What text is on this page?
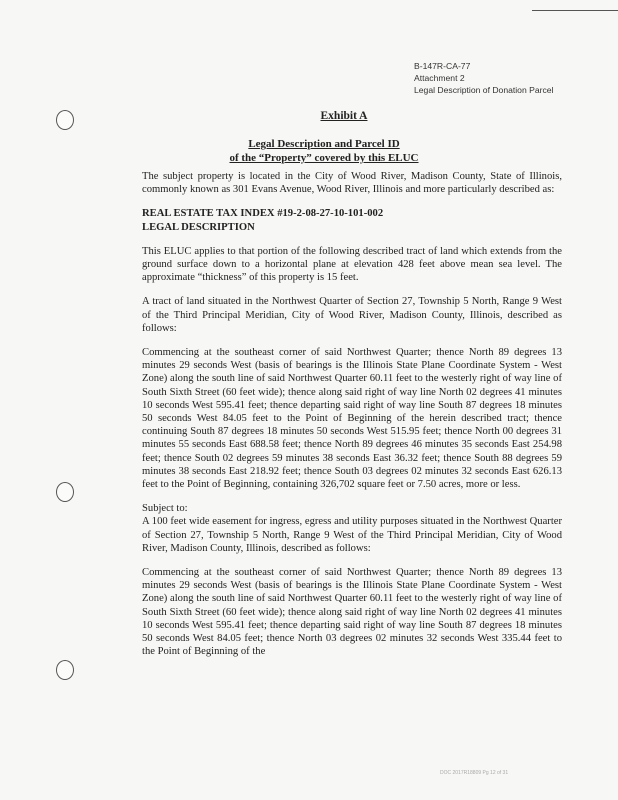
B-147R-CA-77
Attachment 2
Legal Description of Donation Parcel
Exhibit A
Legal Description and Parcel ID
of the “Property” covered by this ELUC

The subject property is located in the City of Wood River, Madison County, State of Illinois, commonly known as 301 Evans Avenue, Wood River, Illinois and more particularly described as:

REAL ESTATE TAX INDEX #19-2-08-27-10-101-002
LEGAL DESCRIPTION

This ELUC applies to that portion of the following described tract of land which extends from the ground surface down to a horizontal plane at elevation 428 feet above mean sea level. The approximate “thickness” of this property is 15 feet.

A tract of land situated in the Northwest Quarter of Section 27, Township 5 North, Range 9 West of the Third Principal Meridian, City of Wood River, Madison County, Illinois, described as follows:

Commencing at the southeast corner of said Northwest Quarter; thence North 89 degrees 13 minutes 29 seconds West (basis of bearings is the Illinois State Plane Coordinate System - West Zone) along the south line of said Northwest Quarter 60.11 feet to the westerly right of way line of South Sixth Street (60 feet wide); thence along said right of way line North 02 degrees 41 minutes 10 seconds West 595.41 feet; thence departing said right of way line South 87 degrees 18 minutes 50 seconds West 84.05 feet to the Point of Beginning of the herein described tract; thence continuing South 87 degrees 18 minutes 50 seconds West 515.95 feet; thence North 00 degrees 31 minutes 55 seconds East 688.58 feet; thence North 89 degrees 46 minutes 35 seconds East 254.98 feet; thence South 02 degrees 59 minutes 38 seconds East 36.32 feet; thence South 88 degrees 59 minutes 38 seconds East 218.92 feet; thence South 03 degrees 02 minutes 32 seconds East 626.13 feet to the Point of Beginning, containing 326,702 square feet or 7.50 acres, more or less.

Subject to:

A 100 feet wide easement for ingress, egress and utility purposes situated in the Northwest Quarter of Section 27, Township 5 North, Range 9 West of the Third Principal Meridian, City of Wood River, Madison County, Illinois, described as follows:

Commencing at the southeast corner of said Northwest Quarter; thence North 89 degrees 13 minutes 29 seconds West (basis of bearings is the Illinois State Plane Coordinate System - West Zone) along the south line of said Northwest Quarter 60.11 feet to the westerly right of way line of South Sixth Street (60 feet wide); thence along said right of way line North 02 degrees 41 minutes 10 seconds West 595.41 feet; thence departing said right of way line South 87 degrees 18 minutes 50 seconds West 84.05 feet; thence North 03 degrees 02 minutes 32 seconds West 335.44 feet to the Point of Beginning of the

DOC 2017R18809 Pg 12 of 31
